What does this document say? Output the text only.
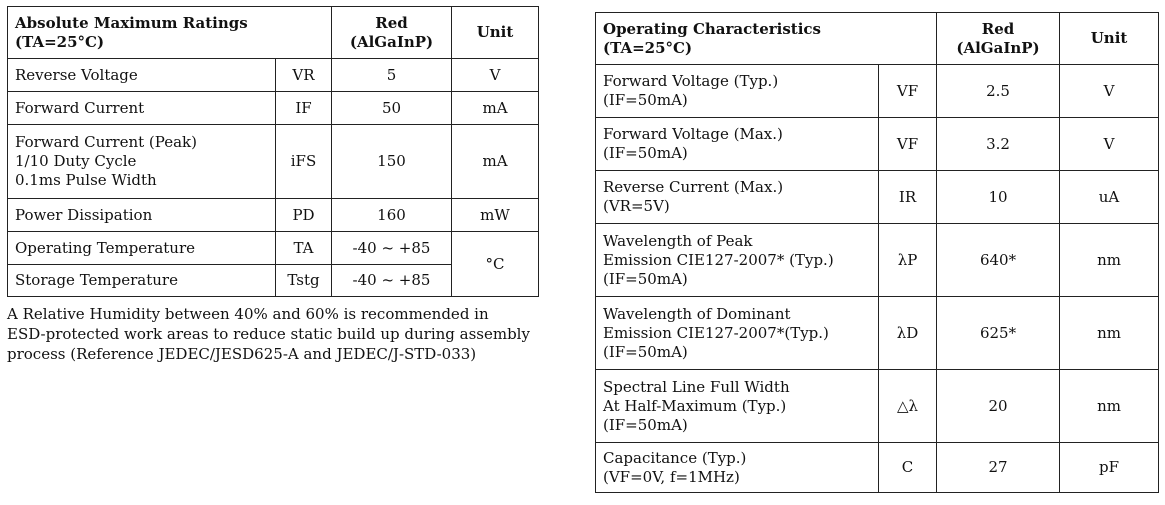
Absolute Maximum Ratings
(TA=25°C)		Red
(AlGaInP)	Unit

Reverse Voltage	VR	5	V

Forward Current	IF	50	mA

Forward Current (Peak)
1/10 Duty Cycle
0.1ms Pulse Width	iFS	150	mA

Power Dissipation	PD	160	mW

Operating Temperature	TA	-40 ~ +85	°C

Storage Temperature	Tstg	-40 ~ +85	
A Relative Humidity between 40% and 60% is recommended in
ESD-protected work areas to reduce static build up during assembly
process (Reference JEDEC/JESD625-A and JEDEC/J-STD-033)
Operating Characteristics
(TA=25°C)		Red
(AlGaInP)	Unit

Forward Voltage (Typ.)
(IF=50mA)	VF	2.5	V

Forward Voltage (Max.)
(IF=50mA)	VF	3.2	V

Reverse Current (Max.)
(VR=5V)	IR	10	uA

Wavelength of Peak
Emission CIE127-2007* (Typ.)
(IF=50mA)	λP	640*	nm

Wavelength of Dominant
Emission CIE127-2007*(Typ.)
(IF=50mA)	λD	625*	nm

Spectral Line Full Width
At Half-Maximum (Typ.)
(IF=50mA)	△λ	20	nm

Capacitance (Typ.)
(VF=0V, f=1MHz)	C	27	pF
